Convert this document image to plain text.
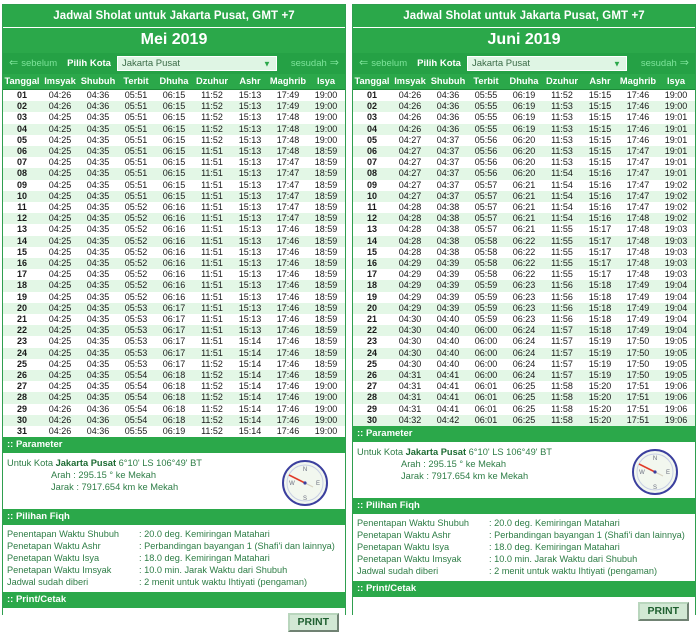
Jadwal Sholat untuk Jakarta Pusat, GMT +7
Mei 2019
⇐ sebelum Pilih Kota Jakarta Pusat	▼ sesudah ⇒
Tanggal	Imsyak	Shubuh	Terbit	Dhuha	Dzuhur	Ashr	Maghrib	Isya
01	04:26	04:36	05:51	06:15	11:52	15:13	17:49	19:00
02	04:26	04:36	05:51	06:15	11:52	15:13	17:49	19:00
03	04:25	04:35	05:51	06:15	11:52	15:13	17:48	19:00
04	04:25	04:35	05:51	06:15	11:52	15:13	17:48	19:00
05	04:25	04:35	05:51	06:15	11:52	15:13	17:48	19:00
06	04:25	04:35	05:51	06:15	11:51	15:13	17:48	18:59
07	04:25	04:35	05:51	06:15	11:51	15:13	17:47	18:59
08	04:25	04:35	05:51	06:15	11:51	15:13	17:47	18:59
09	04:25	04:35	05:51	06:15	11:51	15:13	17:47	18:59
10	04:25	04:35	05:51	06:15	11:51	15:13	17:47	18:59
11	04:25	04:35	05:52	06:16	11:51	15:13	17:47	18:59
12	04:25	04:35	05:52	06:16	11:51	15:13	17:47	18:59
13	04:25	04:35	05:52	06:16	11:51	15:13	17:46	18:59
14	04:25	04:35	05:52	06:16	11:51	15:13	17:46	18:59
15	04:25	04:35	05:52	06:16	11:51	15:13	17:46	18:59
16	04:25	04:35	05:52	06:16	11:51	15:13	17:46	18:59
17	04:25	04:35	05:52	06:16	11:51	15:13	17:46	18:59
18	04:25	04:35	05:52	06:16	11:51	15:13	17:46	18:59
19	04:25	04:35	05:52	06:16	11:51	15:13	17:46	18:59
20	04:25	04:35	05:53	06:17	11:51	15:13	17:46	18:59
21	04:25	04:35	05:53	06:17	11:51	15:13	17:46	18:59
22	04:25	04:35	05:53	06:17	11:51	15:13	17:46	18:59
23	04:25	04:35	05:53	06:17	11:51	15:14	17:46	18:59
24	04:25	04:35	05:53	06:17	11:51	15:14	17:46	18:59
25	04:25	04:35	05:53	06:17	11:52	15:14	17:46	18:59
26	04:25	04:35	05:54	06:18	11:52	15:14	17:46	18:59
27	04:25	04:35	05:54	06:18	11:52	15:14	17:46	19:00
28	04:25	04:35	05:54	06:18	11:52	15:14	17:46	19:00
29	04:26	04:36	05:54	06:18	11:52	15:14	17:46	19:00
30	04:26	04:36	05:54	06:18	11:52	15:14	17:46	19:00
31	04:26	04:36	05:55	06:19	11:52	15:14	17:46	19:00
:: Parameter
Untuk Kota Jakarta Pusat 6°10' LS 106°49' BT
Arah : 295.15 ° ke Mekah
Jarak : 7917.654 km ke Mekah
N
E
S
W
:: Pilihan Fiqh
Penentapan Waktu Shubuh	: 20.0 deg. Kemiringan Matahari
Penetapan Waktu Ashr	: Perbandingan bayangan 1 (Shafi'i dan lainnya)
Penetapan Waktu Isya	: 18.0 deg. Kemiringan Matahari
Penetapan Waktu Imsyak	: 10.0 min. Jarak Waktu dari Shubuh
Jadwal sudah diberi	: 2 menit untuk waktu Ihtiyati (pengaman)
:: Print/Cetak
PRINT
Jadwal Sholat untuk Jakarta Pusat, GMT +7
Juni 2019
⇐ sebelum Pilih Kota Jakarta Pusat	▼ sesudah ⇒
Tanggal	Imsyak	Shubuh	Terbit	Dhuha	Dzuhur	Ashr	Maghrib	Isya
01	04:26	04:36	05:55	06:19	11:52	15:15	17:46	19:00
02	04:26	04:36	05:55	06:19	11:53	15:15	17:46	19:00
03	04:26	04:36	05:55	06:19	11:53	15:15	17:46	19:01
04	04:26	04:36	05:55	06:19	11:53	15:15	17:46	19:01
05	04:27	04:37	05:56	06:20	11:53	15:15	17:46	19:01
06	04:27	04:37	05:56	06:20	11:53	15:15	17:47	19:01
07	04:27	04:37	05:56	06:20	11:53	15:15	17:47	19:01
08	04:27	04:37	05:56	06:20	11:54	15:16	17:47	19:01
09	04:27	04:37	05:57	06:21	11:54	15:16	17:47	19:02
10	04:27	04:37	05:57	06:21	11:54	15:16	17:47	19:02
11	04:28	04:38	05:57	06:21	11:54	15:16	17:47	19:02
12	04:28	04:38	05:57	06:21	11:54	15:16	17:48	19:02
13	04:28	04:38	05:57	06:21	11:55	15:17	17:48	19:03
14	04:28	04:38	05:58	06:22	11:55	15:17	17:48	19:03
15	04:28	04:38	05:58	06:22	11:55	15:17	17:48	19:03
16	04:29	04:39	05:58	06:22	11:55	15:17	17:48	19:03
17	04:29	04:39	05:58	06:22	11:55	15:17	17:48	19:03
18	04:29	04:39	05:59	06:23	11:56	15:18	17:49	19:04
19	04:29	04:39	05:59	06:23	11:56	15:18	17:49	19:04
20	04:29	04:39	05:59	06:23	11:56	15:18	17:49	19:04
21	04:30	04:40	05:59	06:23	11:56	15:18	17:49	19:04
22	04:30	04:40	06:00	06:24	11:57	15:18	17:49	19:04
23	04:30	04:40	06:00	06:24	11:57	15:19	17:50	19:05
24	04:30	04:40	06:00	06:24	11:57	15:19	17:50	19:05
25	04:30	04:40	06:00	06:24	11:57	15:19	17:50	19:05
26	04:31	04:41	06:00	06:24	11:57	15:19	17:50	19:05
27	04:31	04:41	06:01	06:25	11:58	15:20	17:51	19:06
28	04:31	04:41	06:01	06:25	11:58	15:20	17:51	19:06
29	04:31	04:41	06:01	06:25	11:58	15:20	17:51	19:06
30	04:32	04:42	06:01	06:25	11:58	15:20	17:51	19:06
:: Parameter
Untuk Kota Jakarta Pusat 6°10' LS 106°49' BT
Arah : 295.15 ° ke Mekah
Jarak : 7917.654 km ke Mekah
N
E
S
W
:: Pilihan Fiqh
Penentapan Waktu Shubuh	: 20.0 deg. Kemiringan Matahari
Penetapan Waktu Ashr	: Perbandingan bayangan 1 (Shafi'i dan lainnya)
Penetapan Waktu Isya	: 18.0 deg. Kemiringan Matahari
Penetapan Waktu Imsyak	: 10.0 min. Jarak Waktu dari Shubuh
Jadwal sudah diberi	: 2 menit untuk waktu Ihtiyati (pengaman)
:: Print/Cetak
PRINT
